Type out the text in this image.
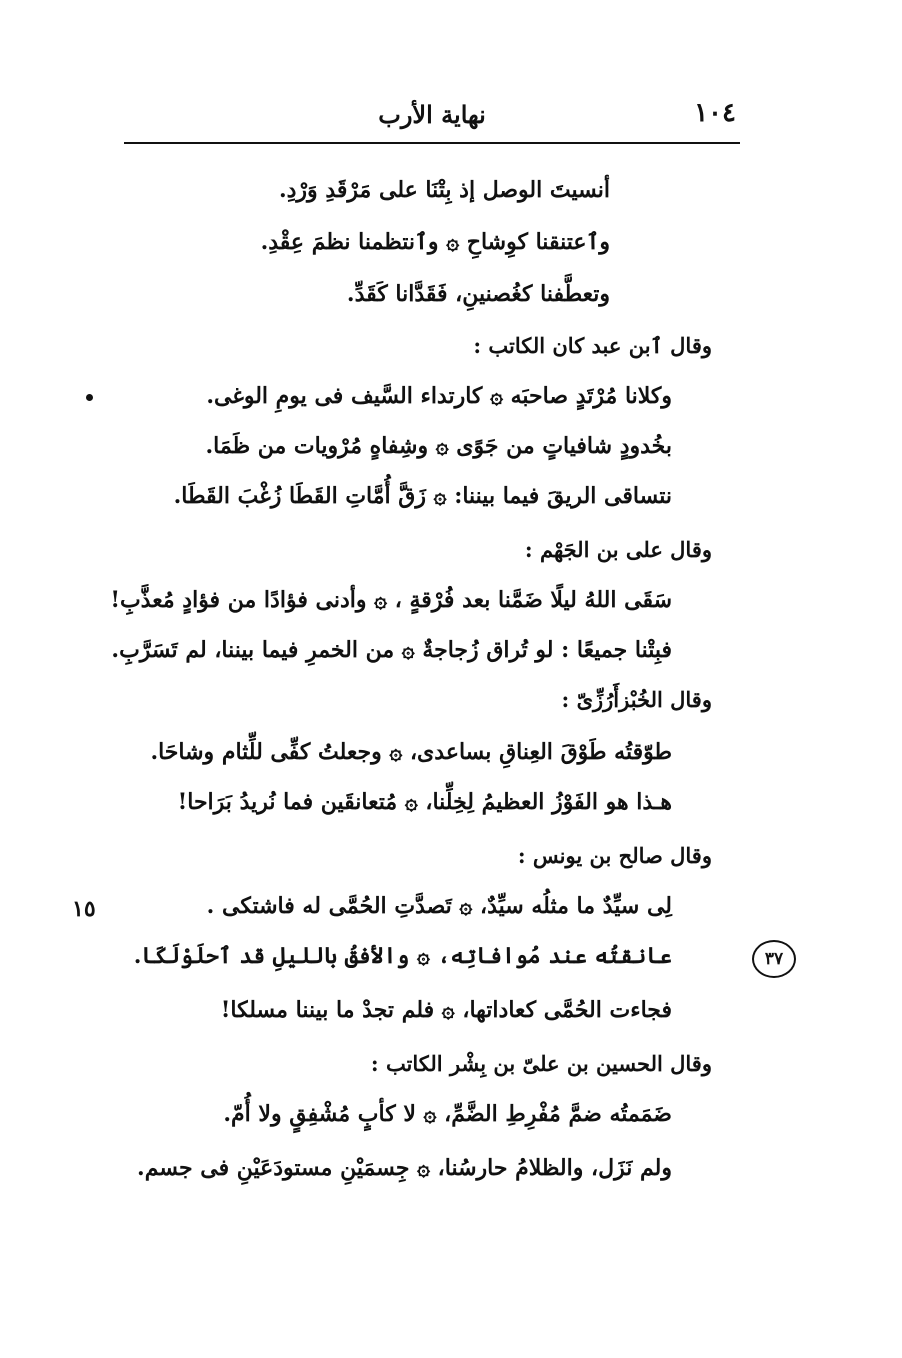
١٠٤
نهاية الأرب
أنسيتَ الوصل إذ بِتْنَا على مَرْقَدِ وَرْدِ.
وٱعتنقنا كوِشاحِ ۞ وٱنتظمنا نظمَ عِقْدِ.
وتعطَّفنا كغُصنينِ، فَقَدَّانا كَقَدِّ.
وقال ٱبن عبد كان الكاتب :
وكلانا مُرْتَدٍ صاحبَه ۞ كارتداء السَّيف فى يومِ الوغى.
بخُدودٍ شافياتٍ من جَوًى ۞ وشِفاهٍ مُرْويات من ظَمَا.
نتساقى الريقَ فيما بيننا: ۞ زَقَّ أُمَّاتِ القَطَا زُغْبَ القَطَا.
وقال على بن الجَهْم :
سَقَى اللهُ ليلًا ضَمَّنا بعد فُرْقةٍ ، ۞ وأدنى فؤادًا من فؤادٍ مُعذَّبِ!
فبِتْنا جميعًا : لو تُراق زُجاجةٌ ۞ من الخمرِ فيما بيننا، لم تَسَرَّبِ.
وقال الخُبْزأَرُزِّىّ :
طوّقتُه طَوْقَ العِناقِ بساعدى، ۞ وجعلتُ كفِّى للِّثام وشاحَا.
هـذا هو الفَوْزُ العظيمُ لِخِلِّنا، ۞ مُتعانقَين فما نُريدُ بَرَاحا!
وقال صالح بن يونس :
لِى سيِّدٌ ما مثلُه سيِّدٌ، ۞ تَصدَّتِ الحُمَّى له فاشتكى .
عانقتُه عند مُوافاتِه، ۞ والأفقُ بالليلِ قد ٱحلَوْلَكَا.
فجاءت الحُمَّى كعاداتها، ۞ فلم تجدْ ما بيننا مسلكا!
وقال الحسين بن علىّ بن بِشْر الكاتب :
ضَمَمتُه ضمَّ مُفْرِطِ الضَّمِّ، ۞ لا كأبٍ مُشْفِقٍ ولا أُمّ.
ولم نَزَل، والظلامُ حارسُنا، ۞ جِسمَيْنِ مستودَعَيْنِ فى جسم.
١٥
٣٧
